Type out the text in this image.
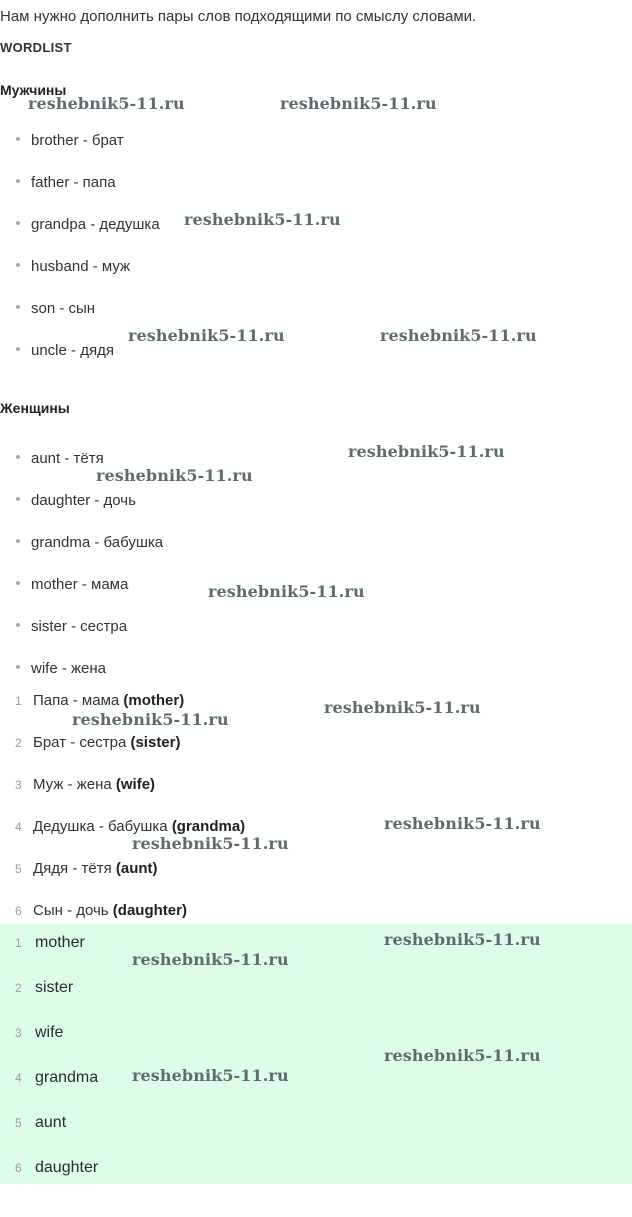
Нам нужно дополнить пары слов подходящими по смыслу словами.
WORDLIST
Мужчины
brother - брат
father - папа
grandpa - дедушка
husband - муж
son - сын
uncle - дядя
Женщины
aunt - тётя
daughter - дочь
grandma - бабушка
mother - мама
sister - сестра
wife - жена
1 Папа - мама (mother)
2 Брат - сестра (sister)
3 Муж - жена (wife)
4 Дедушка - бабушка (grandma)
5 Дядя - тётя (aunt)
6 Сын - дочь (daughter)
1 mother
2 sister
3 wife
4 grandma
5 aunt
6 daughter
reshebnik5-11.ru	reshebnik5-11.ru
reshebnik5-11.ru
reshebnik5-11.ru	reshebnik5-11.ru
reshebnik5-11.ru
reshebnik5-11.ru
reshebnik5-11.ru
reshebnik5-11.ru
reshebnik5-11.ru
reshebnik5-11.ru
reshebnik5-11.ru
reshebnik5-11.ru
reshebnik5-11.ru
reshebnik5-11.ru
reshebnik5-11.ru
